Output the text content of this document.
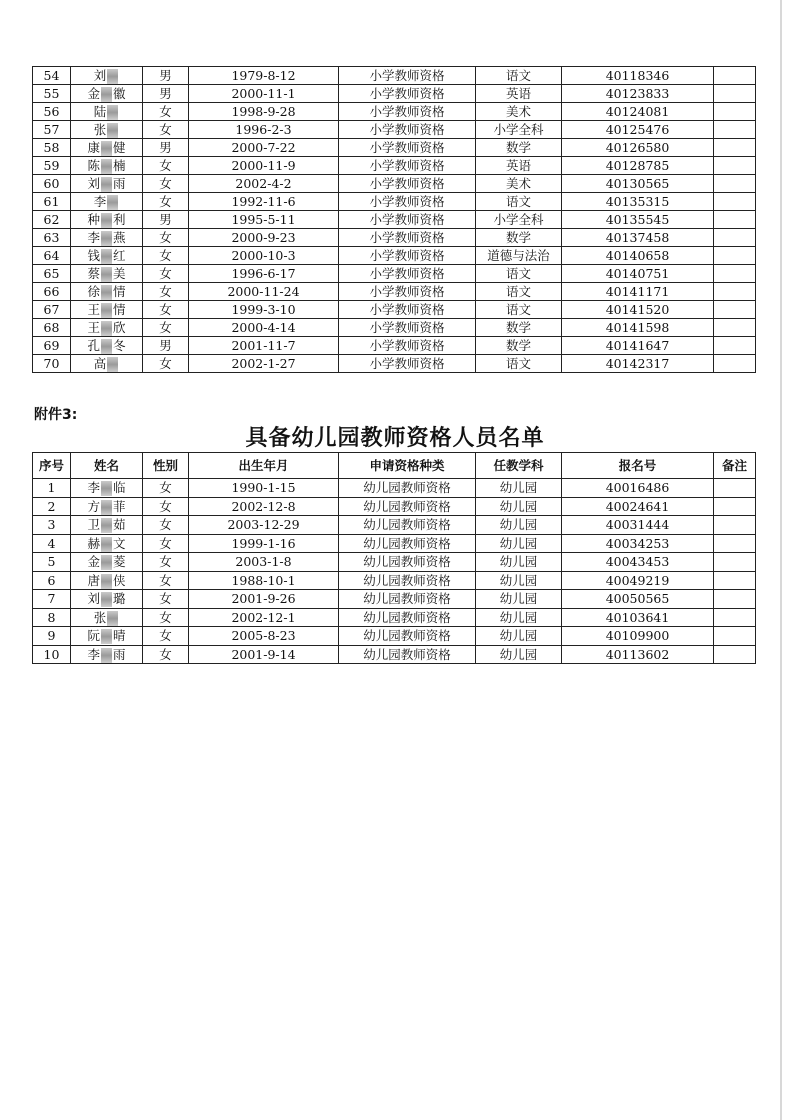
54	刘	男	1979-8-12	小学教师资格	语文	40118346	
55	金 徽	男	2000-11-1	小学教师资格	英语	40123833	
56	陆	女	1998-9-28	小学教师资格	美术	40124081	
57	张	女	1996-2-3	小学教师资格	小学全科	40125476	
58	康 健	男	2000-7-22	小学教师资格	数学	40126580	
59	陈 楠	女	2000-11-9	小学教师资格	英语	40128785	
60	刘 雨	女	2002-4-2	小学教师资格	美术	40130565	
61	李	女	1992-11-6	小学教师资格	语文	40135315	
62	种 利	男	1995-5-11	小学教师资格	小学全科	40135545	
63	李 燕	女	2000-9-23	小学教师资格	数学	40137458	
64	钱 红	女	2000-10-3	小学教师资格	道德与法治	40140658	
65	蔡 美	女	1996-6-17	小学教师资格	语文	40140751	
66	徐 情	女	2000-11-24	小学教师资格	语文	40141171	
67	王 情	女	1999-3-10	小学教师资格	语文	40141520	
68	王 欣	女	2000-4-14	小学教师资格	数学	40141598	
69	孔 冬	男	2001-11-7	小学教师资格	数学	40141647	
70	高	女	2002-1-27	小学教师资格	语文	40142317	
附件3:
具备幼儿园教师资格人员名单
序号	姓名	性别	出生年月	申请资格种类	任教学科	报名号	备注
1	李 临	女	1990-1-15	幼儿园教师资格	幼儿园	40016486	
2	方 菲	女	2002-12-8	幼儿园教师资格	幼儿园	40024641	
3	卫 茹	女	2003-12-29	幼儿园教师资格	幼儿园	40031444	
4	赫 文	女	1999-1-16	幼儿园教师资格	幼儿园	40034253	
5	金 菱	女	2003-1-8	幼儿园教师资格	幼儿园	40043453	
6	唐 侠	女	1988-10-1	幼儿园教师资格	幼儿园	40049219	
7	刘 璐	女	2001-9-26	幼儿园教师资格	幼儿园	40050565	
8	张	女	2002-12-1	幼儿园教师资格	幼儿园	40103641	
9	阮 晴	女	2005-8-23	幼儿园教师资格	幼儿园	40109900	
10	李 雨	女	2001-9-14	幼儿园教师资格	幼儿园	40113602	
